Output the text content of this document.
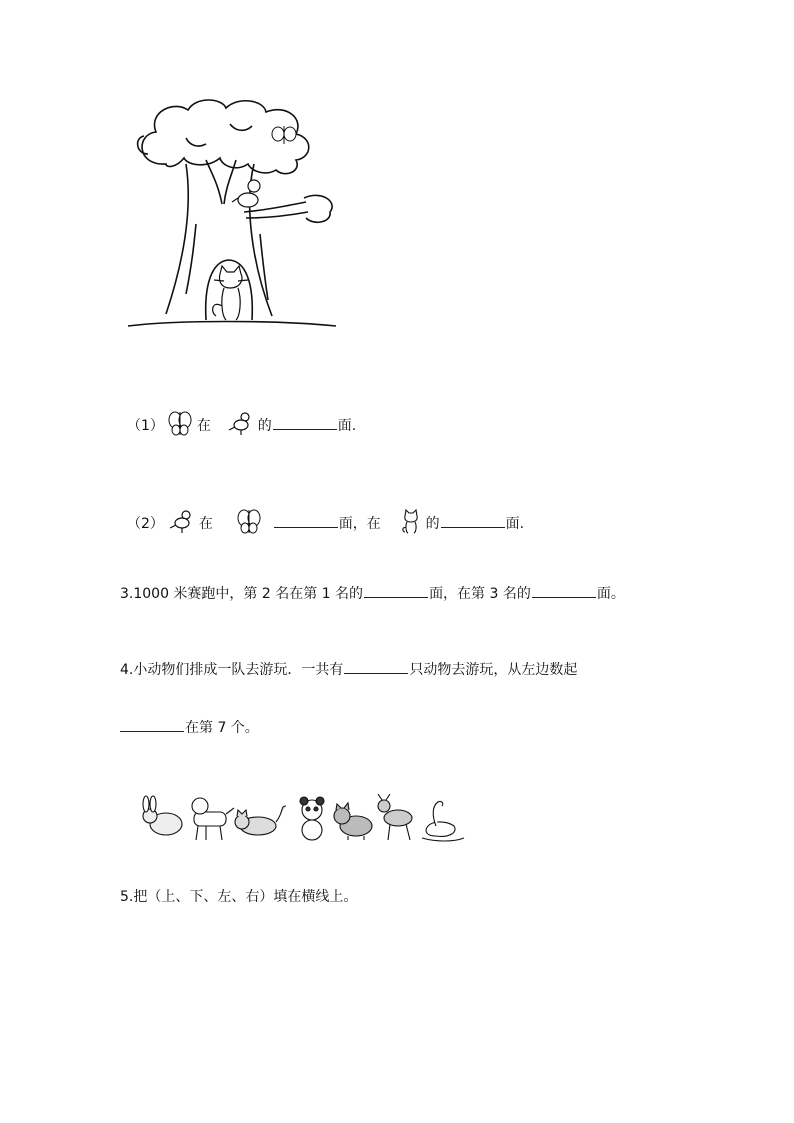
（1） 在	的	面.
（2） 在	面，在	的	面.
3.1000 米赛跑中，第 2 名在第 1 名的	面，在第 3 名的	面。
4.小动物们排成一队去游玩．一共有	只动物去游玩，从左边数起
在第 7 个。
5.把（上、下、左、右）填在横线上。
